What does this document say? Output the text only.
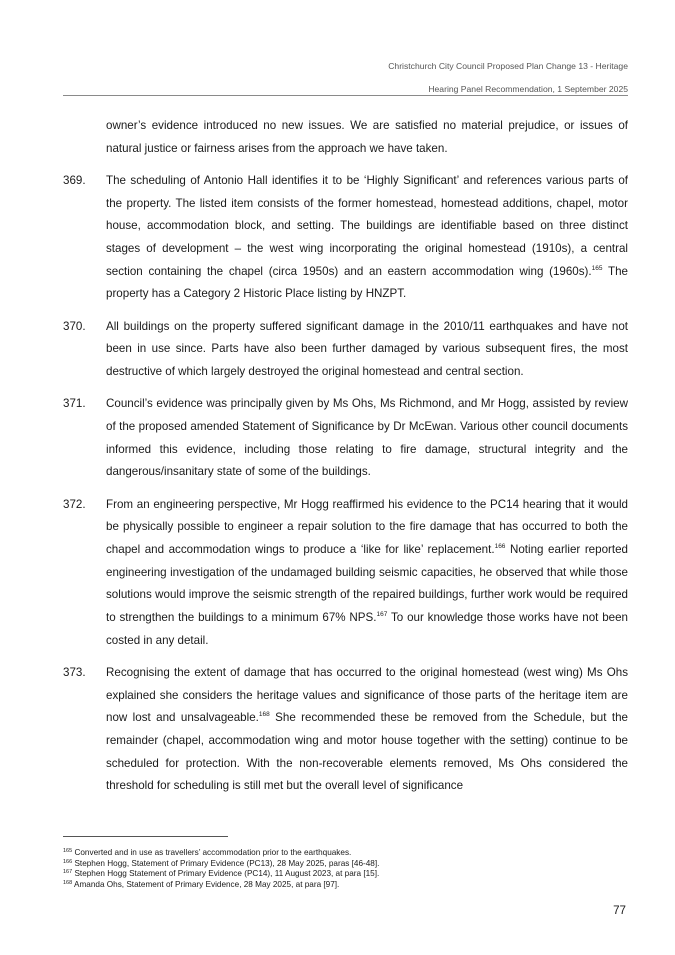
Christchurch City Council Proposed Plan Change 13 - Heritage
Hearing Panel Recommendation, 1 September 2025
owner’s evidence introduced no new issues. We are satisfied no material prejudice, or issues of natural justice or fairness arises from the approach we have taken.
369.	The scheduling of Antonio Hall identifies it to be ‘Highly Significant’ and references various parts of the property. The listed item consists of the former homestead, homestead additions, chapel, motor house, accommodation block, and setting. The buildings are identifiable based on three distinct stages of development – the west wing incorporating the original homestead (1910s), a central section containing the chapel (circa 1950s) and an eastern accommodation wing (1960s).$^{165}$ The property has a Category 2 Historic Place listing by HNZPT.
370.	All buildings on the property suffered significant damage in the 2010/11 earthquakes and have not been in use since. Parts have also been further damaged by various subsequent fires, the most destructive of which largely destroyed the original homestead and central section.
371.	Council’s evidence was principally given by Ms Ohs, Ms Richmond, and Mr Hogg, assisted by review of the proposed amended Statement of Significance by Dr McEwan. Various other council documents informed this evidence, including those relating to fire damage, structural integrity and the dangerous/insanitary state of some of the buildings.
372.	From an engineering perspective, Mr Hogg reaffirmed his evidence to the PC14 hearing that it would be physically possible to engineer a repair solution to the fire damage that has occurred to both the chapel and accommodation wings to produce a ‘like for like’ replacement.$^{166}$ Noting earlier reported engineering investigation of the undamaged building seismic capacities, he observed that while those solutions would improve the seismic strength of the repaired buildings, further work would be required to strengthen the buildings to a minimum 67% NPS.$^{167}$ To our knowledge those works have not been costed in any detail.
373.	Recognising the extent of damage that has occurred to the original homestead (west wing) Ms Ohs explained she considers the heritage values and significance of those parts of the heritage item are now lost and unsalvageable.$^{168}$ She recommended these be removed from the Schedule, but the remainder (chapel, accommodation wing and motor house together with the setting) continue to be scheduled for protection. With the non-recoverable elements removed, Ms Ohs considered the threshold for scheduling is still met but the overall level of significance
$^{165}$ Converted and in use as travellers’ accommodation prior to the earthquakes.
$^{166}$ Stephen Hogg, Statement of Primary Evidence (PC13), 28 May 2025, paras [46-48].
$^{167}$ Stephen Hogg Statement of Primary Evidence (PC14), 11 August 2023, at para [15].
$^{168}$ Amanda Ohs, Statement of Primary Evidence, 28 May 2025, at para [97].
77
